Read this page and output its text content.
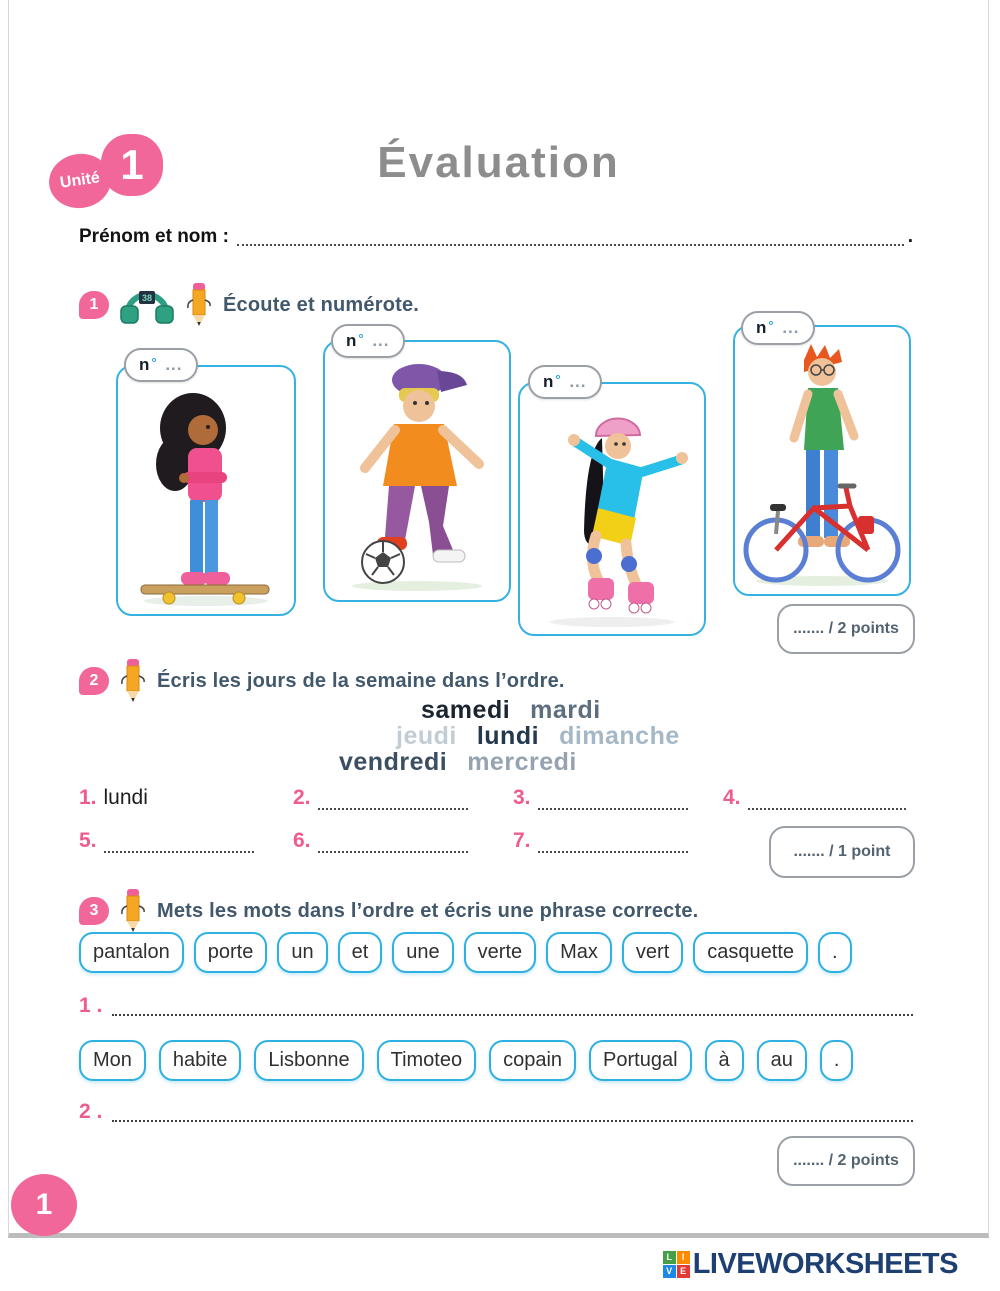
1
Unité	Évaluation
Prénom et nom :	.
1	38	Écoute et numérote.
n °
...
n °
...
n °
...
n °
...
....... / 2 points
2	Écris les jours de la semaine dans l’ordre.
samedi mardi
jeudi lundi dimanche
vendredi mercredi
1. lundi	2.	3.	4.
5.	6.	7.	....... / 1 point
3	Mets les mots dans l’ordre et écris une phrase correcte.
pantalon	porte	un	et	une	verte	Max	vert	casquette	.
1 .
Mon	habite	Lisbonne	Timoteo	copain	Portugal	à	au	.
2 .
....... / 2 points
1
L	I
V E LIVEWORKSHEETS
